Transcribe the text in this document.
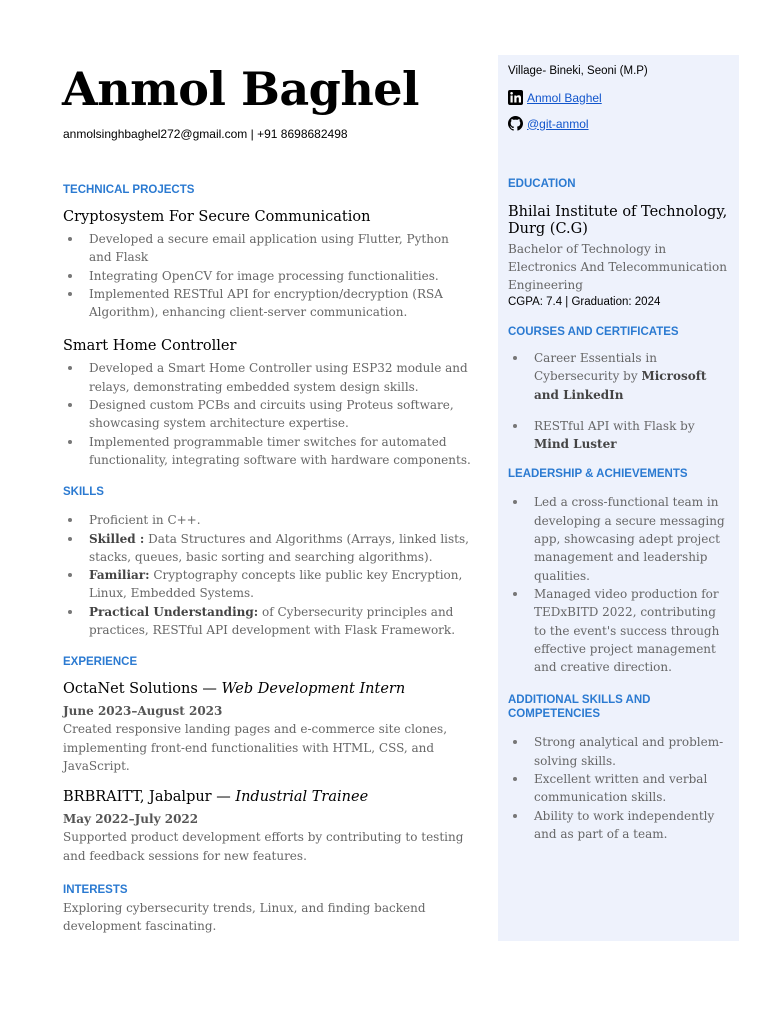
Anmol Baghel
anmolsinghbaghel272@gmail.com | +91 8698682498
TECHNICAL PROJECTS
Cryptosystem For Secure Communication
Developed a secure email application using Flutter, Python and Flask
Integrating OpenCV for image processing functionalities.
Implemented RESTful API for encryption/decryption (RSA Algorithm), enhancing client-server communication.
Smart Home Controller
Developed a Smart Home Controller using ESP32 module and relays, demonstrating embedded system design skills.
Designed custom PCBs and circuits using Proteus software, showcasing system architecture expertise.
Implemented programmable timer switches for automated functionality, integrating software with hardware components.
SKILLS
Proficient in C++.
Skilled : Data Structures and Algorithms (Arrays, linked lists, stacks, queues, basic sorting and searching algorithms).
Familiar: Cryptography concepts like public key Encryption, Linux, Embedded Systems.
Practical Understanding: of Cybersecurity principles and practices, RESTful API development with Flask Framework.
EXPERIENCE
OctaNet Solutions — Web Development Intern
June 2023–August 2023

Created responsive landing pages and e-commerce site clones, implementing front-end functionalities with HTML, CSS, and JavaScript.

BRBRAITT, Jabalpur — Industrial Trainee
May 2022–July 2022

Supported product development efforts by contributing to testing and feedback sessions for new features.

INTERESTS

Exploring cybersecurity trends, Linux, and finding backend development fascinating.

Village- Bineki, Seoni (M.P)
Anmol Baghel
@git-anmol
EDUCATION
Bhilai Institute of Technology, Durg (C.G)

Bachelor of Technology in Electronics And Telecommunication Engineering

CGPA: 7.4 | Graduation: 2024
COURSES AND CERTIFICATES
Career Essentials in Cybersecurity by Microsoft and LinkedIn
RESTful API with Flask by Mind Luster
LEADERSHIP & ACHIEVEMENTS
Led a cross-functional team in developing a secure messaging app, showcasing adept project management and leadership qualities.
Managed video production for TEDxBITD 2022, contributing to the event's success through effective project management and creative direction.
ADDITIONAL SKILLS AND COMPETENCIES
Strong analytical and problem-solving skills.
Excellent written and verbal communication skills.
Ability to work independently and as part of a team.
